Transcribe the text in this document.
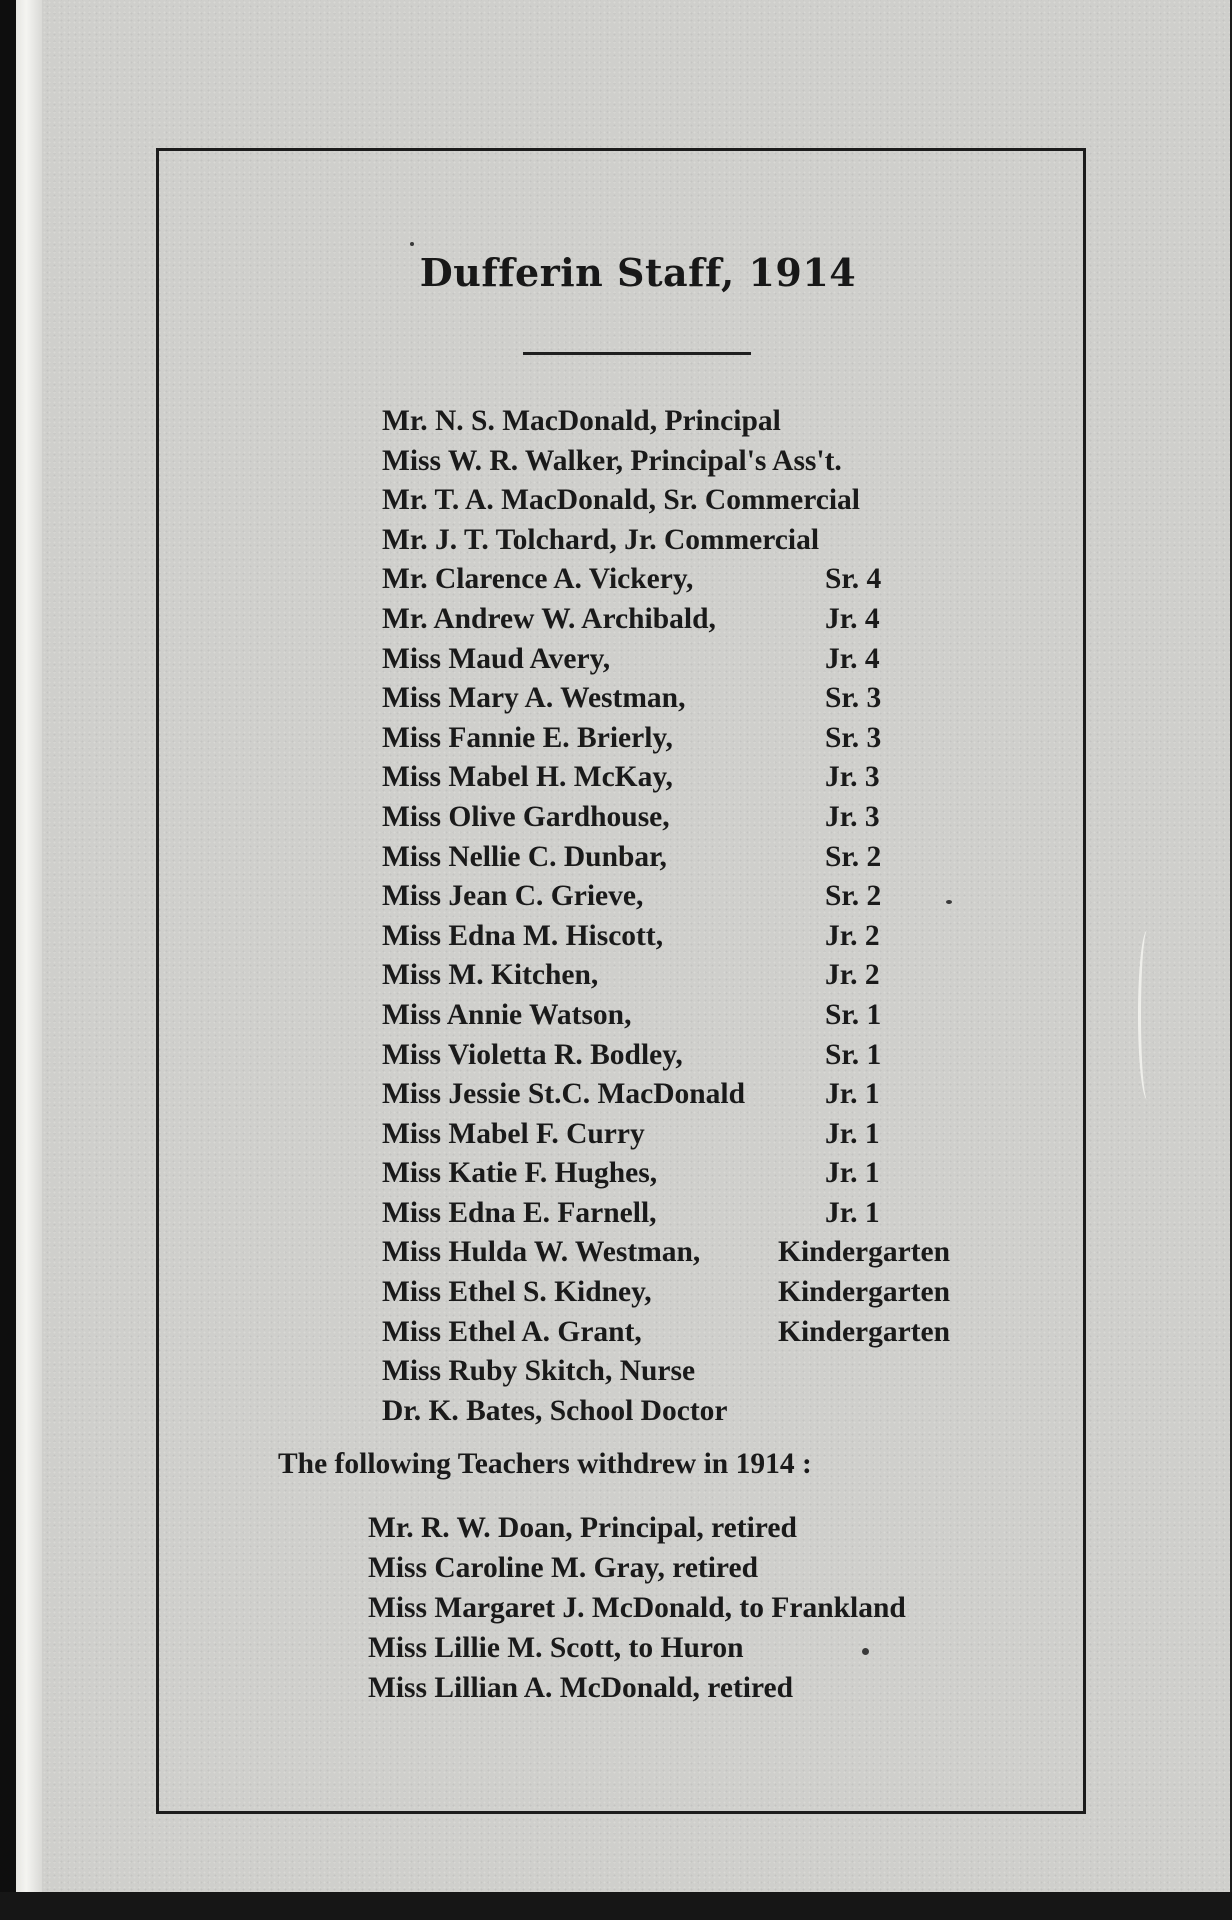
Dufferin Staff, 1914
Mr. N. S. MacDonald, Principal
Miss W. R. Walker, Principal's Ass't.
Mr. T. A. MacDonald, Sr. Commercial
Mr. J. T. Tolchard, Jr. Commercial
Mr. Clarence A. Vickery,	Sr. 4
Mr. Andrew W. Archibald,	Jr. 4
Miss Maud Avery,	Jr. 4
Miss Mary A. Westman,	Sr. 3
Miss Fannie E. Brierly,	Sr. 3
Miss Mabel H. McKay,	Jr. 3
Miss Olive Gardhouse,	Jr. 3
Miss Nellie C. Dunbar,	Sr. 2
Miss Jean C. Grieve,	Sr. 2
Miss Edna M. Hiscott,	Jr. 2
Miss M. Kitchen,	Jr. 2
Miss Annie Watson,	Sr. 1
Miss Violetta R. Bodley,	Sr. 1
Miss Jessie St.C. MacDonald	Jr. 1
Miss Mabel F. Curry	Jr. 1
Miss Katie F. Hughes,	Jr. 1
Miss Edna E. Farnell,	Jr. 1
Miss Hulda W. Westman,	Kindergarten
Miss Ethel S. Kidney,	Kindergarten
Miss Ethel A. Grant,	Kindergarten
Miss Ruby Skitch, Nurse
Dr. K. Bates, School Doctor
The following Teachers withdrew in 1914 :
Mr. R. W. Doan, Principal, retired
Miss Caroline M. Gray, retired
Miss Margaret J. McDonald, to Frankland
Miss Lillie M. Scott, to Huron
Miss Lillian A. McDonald, retired
